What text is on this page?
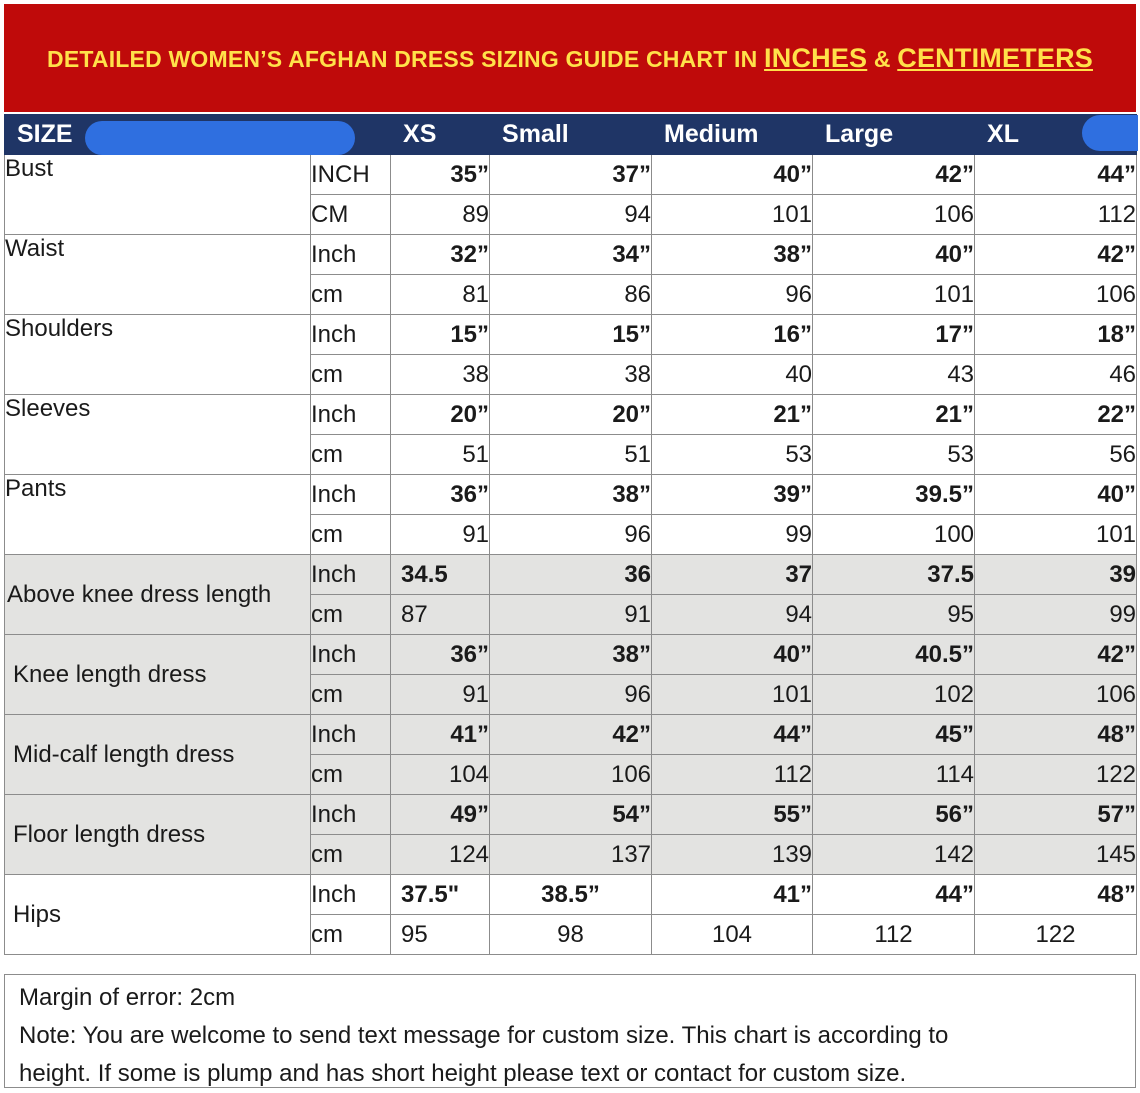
DETAILED WOMEN’S AFGHAN DRESS SIZING GUIDE CHART IN INCHES & CENTIMETERS
SIZE		XS	Small	Medium	Large	XL

Bust	INCH	35”	37”	40”	42”	44”
	CM	89	94	101	106	112
Waist	Inch	32”	34”	38”	40”	42”
	cm	81	86	96	101	106
Shoulders	Inch	15”	15”	16”	17”	18”
	cm	38	38	40	43	46
Sleeves	Inch	20”	20”	21”	21”	22”
	cm	51	51	53	53	56
Pants	Inch	36”	38”	39”	39.5”	40”
	cm	91	96	99	100	101
Above knee dress length	Inch	34.5	36	37	37.5	39
	cm	87	91	94	95	99
Knee length dress	Inch	36”	38”	40”	40.5”	42”
	cm	91	96	101	102	106
Mid-calf length dress	Inch	41”	42”	44”	45”	48”
	cm	104	106	112	114	122
Floor length dress	Inch	49”	54”	55”	56”	57”
	cm	124	137	139	142	145
Hips	Inch	37.5"	38.5”	41”	44”	48”
	cm	95	98	104	112	122

Margin of error: 2cm

Note: You are welcome to send text message for custom size. This chart is according to

height. If some is plump and has short height please text or contact for custom size.
